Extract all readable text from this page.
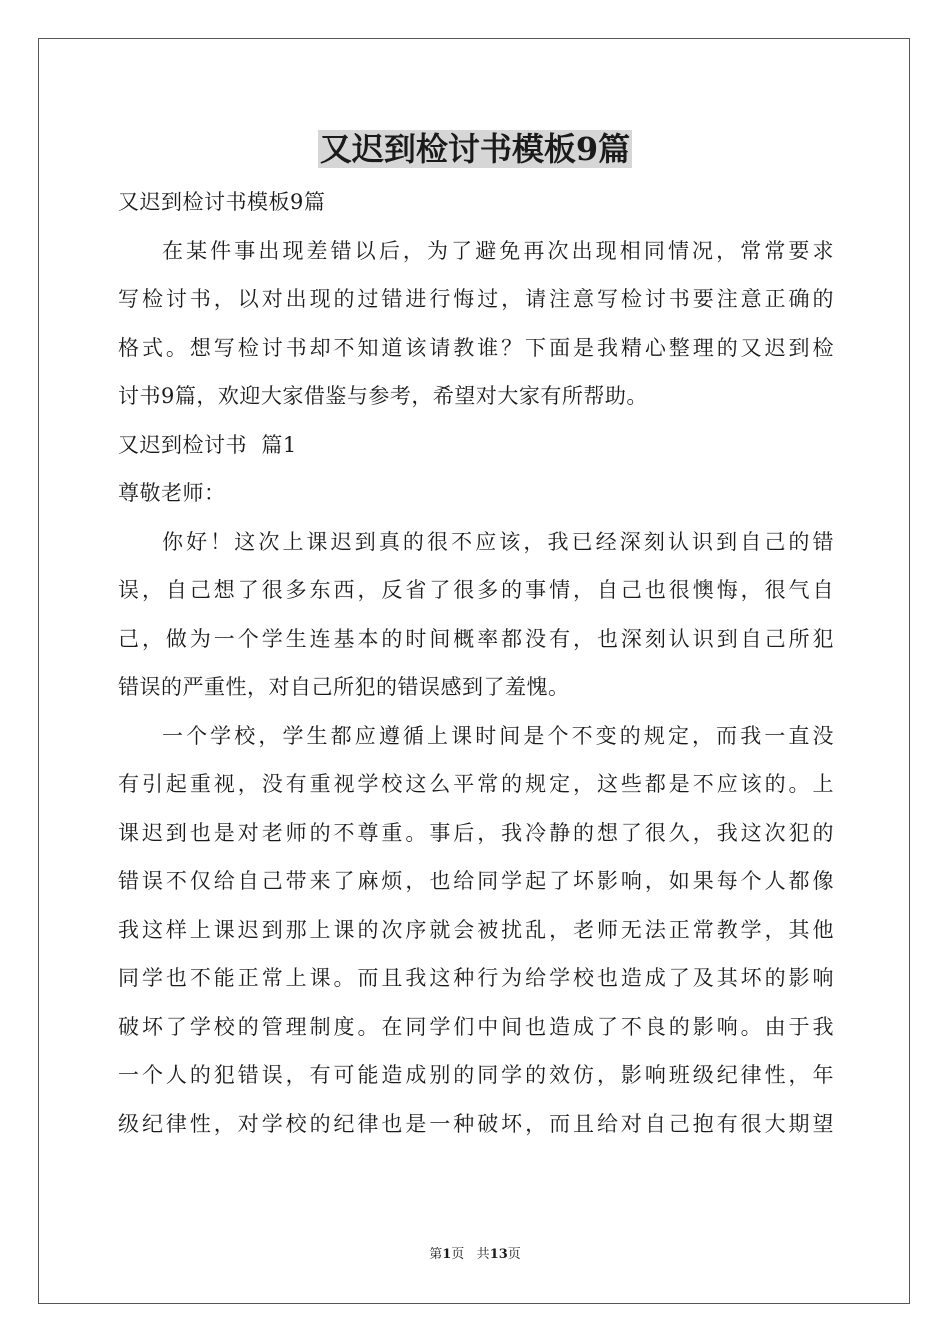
又迟到检讨书模板9篇

又迟到检讨书模板9篇

在某件事出现差错以后，为了避免再次出现相同情况，常常要求

写检讨书，以对出现的过错进行悔过，请注意写检讨书要注意正确的

格式。想写检讨书却不知道该请教谁？下面是我精心整理的又迟到检

讨书9篇，欢迎大家借鉴与参考，希望对大家有所帮助。

又迟到检讨书  篇1

尊敬老师：

你好！这次上课迟到真的很不应该，我已经深刻认识到自己的错

误，自己想了很多东西，反省了很多的事情，自己也很懊悔，很气自

己，做为一个学生连基本的时间概率都没有，也深刻认识到自己所犯

错误的严重性，对自己所犯的错误感到了羞愧。

一个学校，学生都应遵循上课时间是个不变的规定，而我一直没

有引起重视，没有重视学校这么平常的规定，这些都是不应该的。上

课迟到也是对老师的不尊重。事后，我冷静的想了很久，我这次犯的

错误不仅给自己带来了麻烦，也给同学起了坏影响，如果每个人都像

我这样上课迟到那上课的次序就会被扰乱，老师无法正常教学，其他

同学也不能正常上课。而且我这种行为给学校也造成了及其坏的影响

破坏了学校的管理制度。在同学们中间也造成了不良的影响。由于我

一个人的犯错误，有可能造成别的同学的效仿，影响班级纪律性，年

级纪律性，对学校的纪律也是一种破坏，而且给对自己抱有很大期望

第1页 共13页
